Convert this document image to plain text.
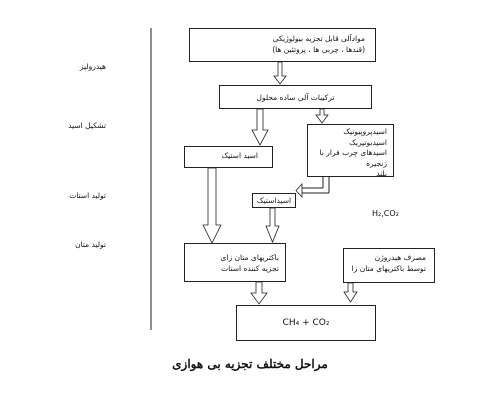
هیدرولیز
تشکیل اسید
تولید استات
تولید متان
موادآلی قابل تجزیه بیولوژیکی
(قندها ، چربی ها ، پروتئین ها)
ترکیبات آلی ساده محلول
اسید استیک
اسیدپروپیونیک
اسیدبوتیریک
اسیدهای چرب فرار با زنجیره
بلند
اسیداستیک
باکتریهای متان زای
تجزیه کننده استات
مصرف هیدروژن
توسط باکتریهای متان زا
CH₄ + CO₂
H₂,CO₂
مراحل مختلف تجزیه بی هوازی
